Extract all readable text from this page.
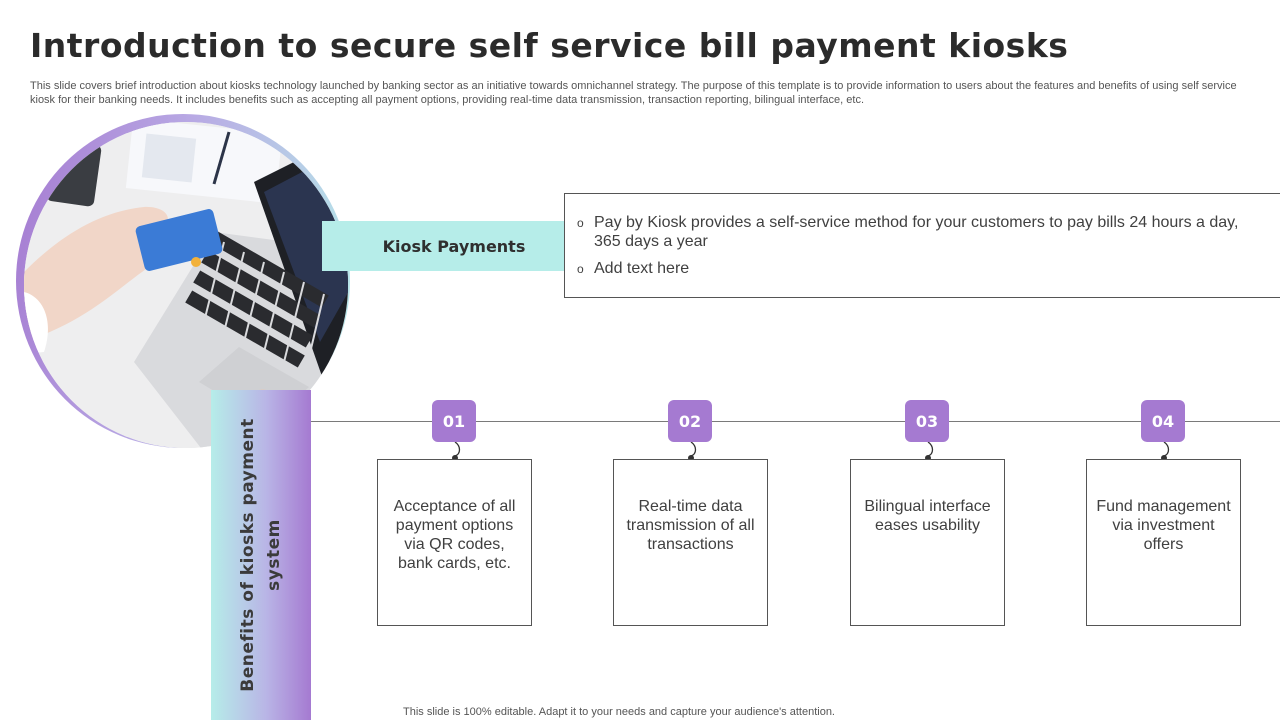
Introduction to secure self service bill payment kiosks

This slide covers brief introduction about kiosks technology launched by banking sector as an initiative towards omnichannel strategy. The purpose of this template is to provide information to users about the features and benefits of using self service kiosk for their banking needs. It includes benefits such as accepting all payment options, providing real-time data transmission, transaction reporting, bilingual interface, etc.

Benefits of kiosks payment system
Kiosk Payments
o Pay by Kiosk provides a self-service method for your customers to pay bills 24 hours a day, 365 days a year
o Add text here
01
Acceptance of all payment options via QR codes, bank cards, etc.
02
Real-time data transmission of all transactions
03
Bilingual interface eases usability
04
Fund management via investment offers
This slide is 100% editable. Adapt it to your needs and capture your audience's attention.
